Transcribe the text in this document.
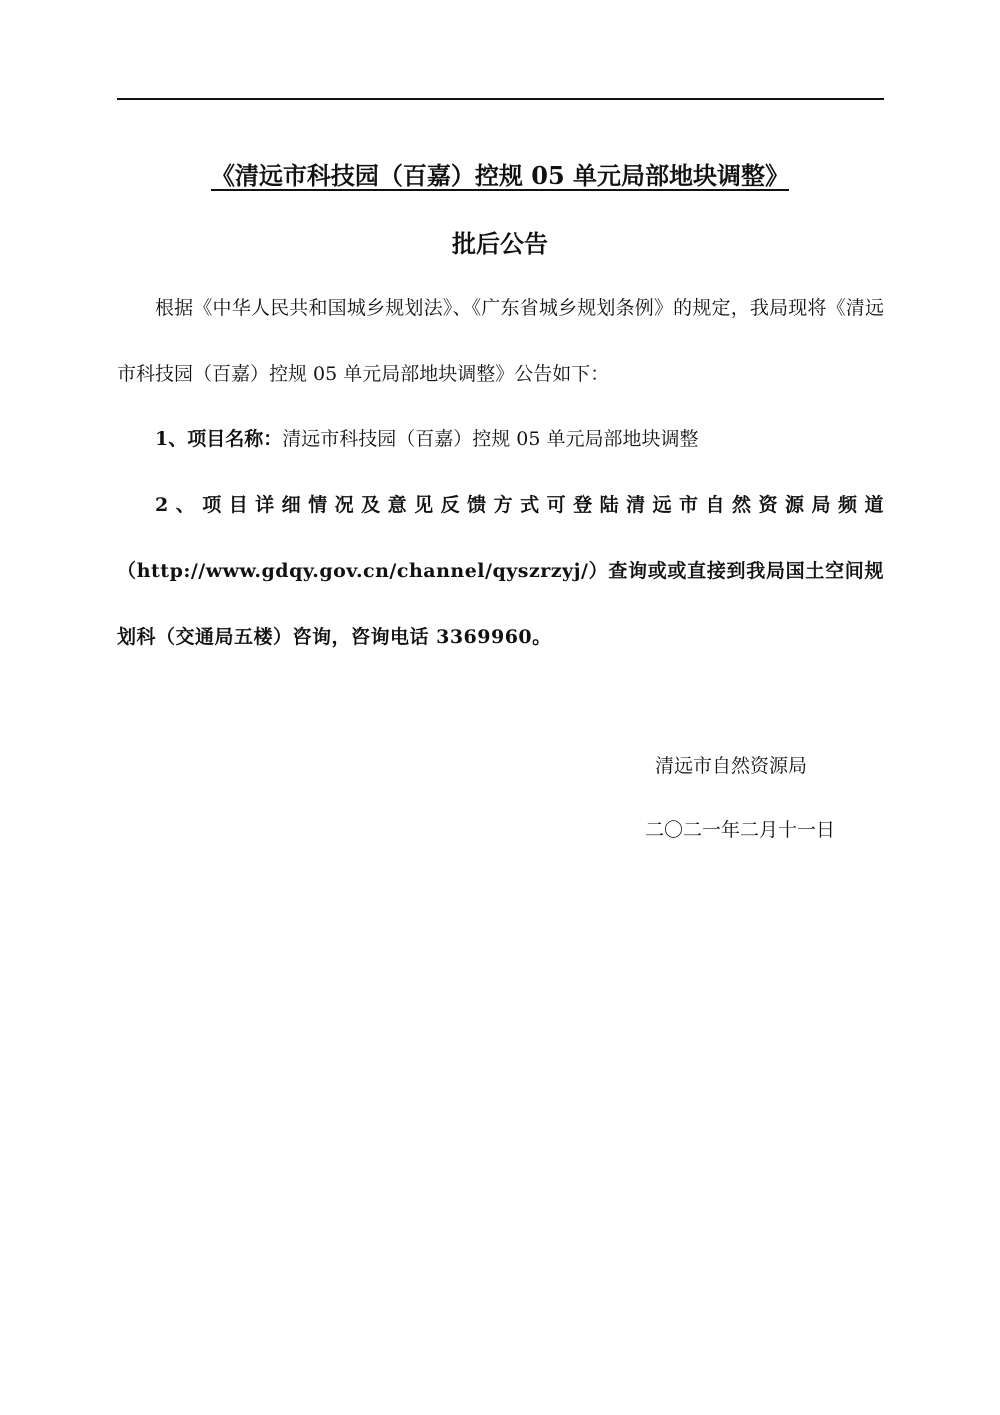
《清远市科技园（百嘉）控规 05 单元局部地块调整》
批后公告
根据《中华人民共和国城乡规划法》、《广东省城乡规划条例》的规定，我局现将《清远市科技园（百嘉）控规 05 单元局部地块调整》公告如下：
1、项目名称：清远市科技园（百嘉）控规 05 单元局部地块调整
2、项目详细情况及意见反馈方式可登陆清远市自然资源局频道（http://www.gdqy.gov.cn/channel/qyszrzyj/）查询或或直接到我局国土空间规划科（交通局五楼）咨询，咨询电话 3369960。
清远市自然资源局
二〇二一年二月十一日
